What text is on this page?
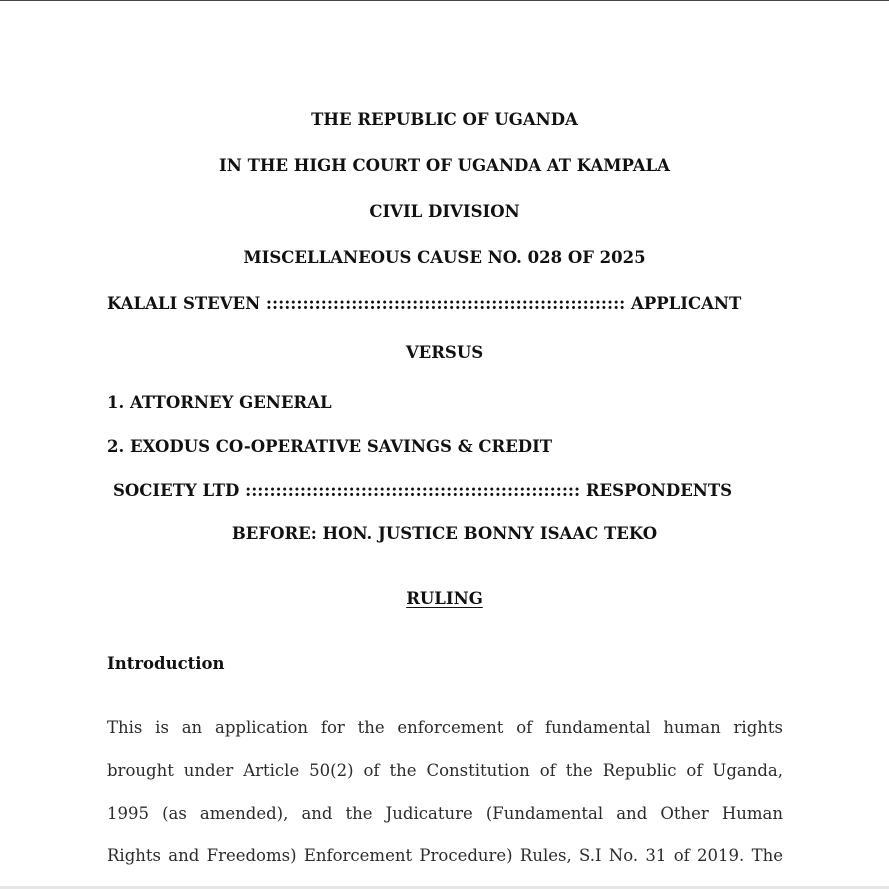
THE REPUBLIC OF UGANDA
IN THE HIGH COURT OF UGANDA AT KAMPALA
CIVIL DIVISION
MISCELLANEOUS CAUSE NO. 028 OF 2025
KALALI STEVEN ::::::::::::::::::::::::::::::::::::::::::::::::::::::::::: APPLICANT
VERSUS
1. ATTORNEY GENERAL
2. EXODUS CO-OPERATIVE SAVINGS & CREDIT
SOCIETY LTD ::::::::::::::::::::::::::::::::::::::::::::::::::::::: RESPONDENTS
BEFORE: HON. JUSTICE BONNY ISAAC TEKO
RULING
Introduction
This is an application for the enforcement of fundamental human rights
brought under Article 50(2) of the Constitution of the Republic of Uganda,
1995 (as amended), and the Judicature (Fundamental and Other Human
Rights and Freedoms) Enforcement Procedure) Rules, S.I No. 31 of 2019. The
